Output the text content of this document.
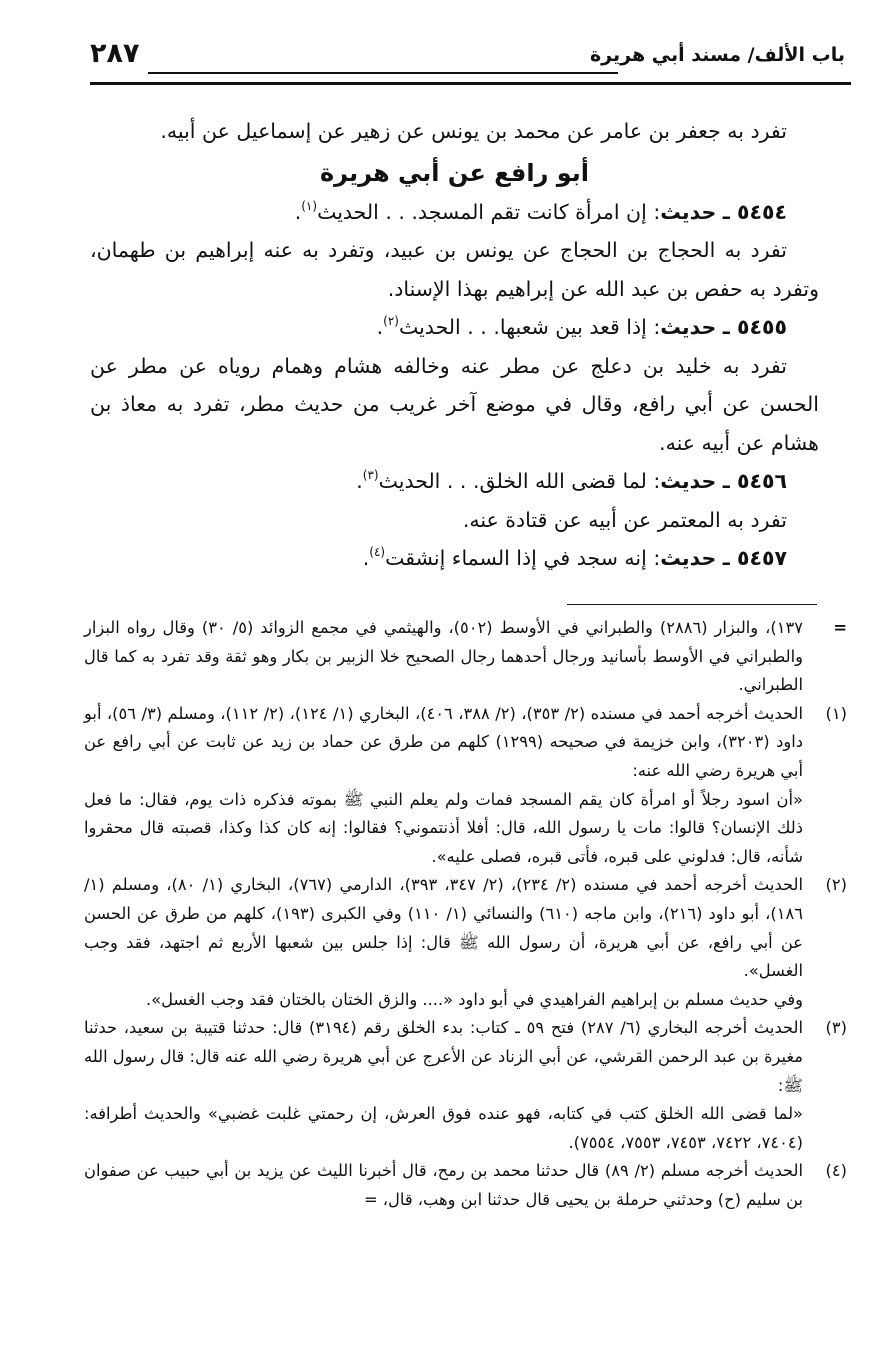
باب الألف/ مسند أبي هريرة
٢٨٧

تفرد به جعفر بن عامر عن محمد بن يونس عن زهير عن إسماعيل عن أبيه.

أبو رافع عن أبي هريرة

٥٤٥٤ ـ حديث: إن امرأة كانت تقم المسجد. . . الحديث$^{(١)}$.

تفرد به الحجاج بن الحجاج عن يونس بن عبيد، وتفرد به عنه إبراهيم بن طهمان، وتفرد به حفص بن عبد الله عن إبراهيم بهذا الإسناد.

٥٤٥٥ ـ حديث: إذا قعد بين شعبها. . . الحديث$^{(٢)}$.

تفرد به خليد بن دعلج عن مطر عنه وخالفه هشام وهمام روياه عن مطر عن الحسن عن أبي رافع، وقال في موضع آخر غريب من حديث مطر، تفرد به معاذ بن هشام عن أبيه عنه.

٥٤٥٦ ـ حديث: لما قضى الله الخلق. . . الحديث$^{(٣)}$.

تفرد به المعتمر عن أبيه عن قتادة عنه.

٥٤٥٧ ـ حديث: إنه سجد في إذا السماء إنشقت$^{(٤)}$.

=

١٣٧)، والبزار (٢٨٨٦) والطبراني في الأوسط (٥٠٢)، والهيثمي في مجمع الزوائد (٥/ ٣٠) وقال رواه البزار والطبراني في الأوسط بأسانيد ورجال أحدهما رجال الصحيح خلا الزبير بن بكار وهو ثقة وقد تفرد به كما قال الطبراني.

(١)

الحديث أخرجه أحمد في مسنده (٢/ ٣٥٣)، (٢/ ٣٨٨، ٤٠٦)، البخاري (١/ ١٢٤)، (٢/ ١١٢)، ومسلم (٣/ ٥٦)، أبو داود (٣٢٠٣)، وابن خزيمة في صحيحه (١٢٩٩) كلهم من طرق عن حماد بن زيد عن ثابت عن أبي رافع عن أبي هريرة رضي الله عنه:

«أن اسود رجلاً أو امرأة كان يقم المسجد فمات ولم يعلم النبي ﷺ بموته فذكره ذات يوم، فقال: ما فعل ذلك الإنسان؟ قالوا: مات يا رسول الله، قال: أفلا أذنتموني؟ فقالوا: إنه كان كذا وكذا، قصبته قال محقروا شأنه، قال: فدلوني على قبره، فأتى قبره، فصلى عليه».

(٢)

الحديث أخرجه أحمد في مسنده (٢/ ٢٣٤)، (٢/ ٣٤٧، ٣٩٣)، الدارمي (٧٦٧)، البخاري (١/ ٨٠)، ومسلم (١/ ١٨٦)، أبو داود (٢١٦)، وابن ماجه (٦١٠) والنسائي (١/ ١١٠) وفي الكبرى (١٩٣)، كلهم من طرق عن الحسن عن أبي رافع، عن أبي هريرة، أن رسول الله ﷺ قال: إذا جلس بين شعبها الأربع ثم اجتهد، فقد وجب الغسل».

وفي حديث مسلم بن إبراهيم الفراهيدي في أبو داود «.... والزق الختان بالختان فقد وجب الغسل».

(٣)

الحديث أخرجه البخاري (٦/ ٢٨٧) فتح ٥٩ ـ كتاب: بدء الخلق رقم (٣١٩٤) قال: حدثنا قتيبة بن سعيد، حدثنا مغيرة بن عبد الرحمن القرشي، عن أبي الزناد عن الأعرج عن أبي هريرة رضي الله عنه قال: قال رسول الله ﷺ:

«لما قضى الله الخلق كتب في كتابه، فهو عنده فوق العرش، إن رحمتي غلبت غضبي» والحديث أطرافه: (٧٤٠٤، ٧٤٢٢، ٧٤٥٣، ٧٥٥٣، ٧٥٥٤).

(٤)

الحديث أخرجه مسلم (٢/ ٨٩) قال حدثنا محمد بن رمح، قال أخبرنا الليث عن يزيد بن أبي حبيب عن صفوان بن سليم (ح) وحدثني حرملة بن يحيى قال حدثنا ابن وهب، قال، =
